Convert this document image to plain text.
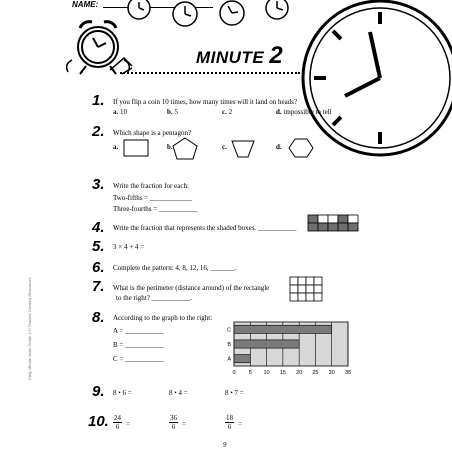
NAME:
MINUTE 2
1. If you flip a coin 10 times, how many times will it land on heads?
a. 10	b. 5	c. 2	d. impossible to tell
2. Which shape is a pentagon?
a.	b.	c.	d.
3. Write the fraction for each:
Two-fifths = ____________
Three-fourths = ___________
4. Write the fraction that represents the shaded boxes. ___________
5. 3 × 4 + 4 =
6. Complete the pattern: 4, 8, 12, 16, _______.
7. What is the perimeter (distance around) of the rectangle
to the right? ___________.
8. According to the graph to the right:
A = ___________
B = ___________
C = ___________
0 5 10 15 20 25 30 35
C
B
A
9. 8 • 6 =	8 • 4 =	8 • 7 =
10. $\frac{24}{6}$ =	$\frac{36}{6}$ =	$\frac{18}{6}$ =
Daily Minute Math Grade 4 © Teacher Created Resources
9
